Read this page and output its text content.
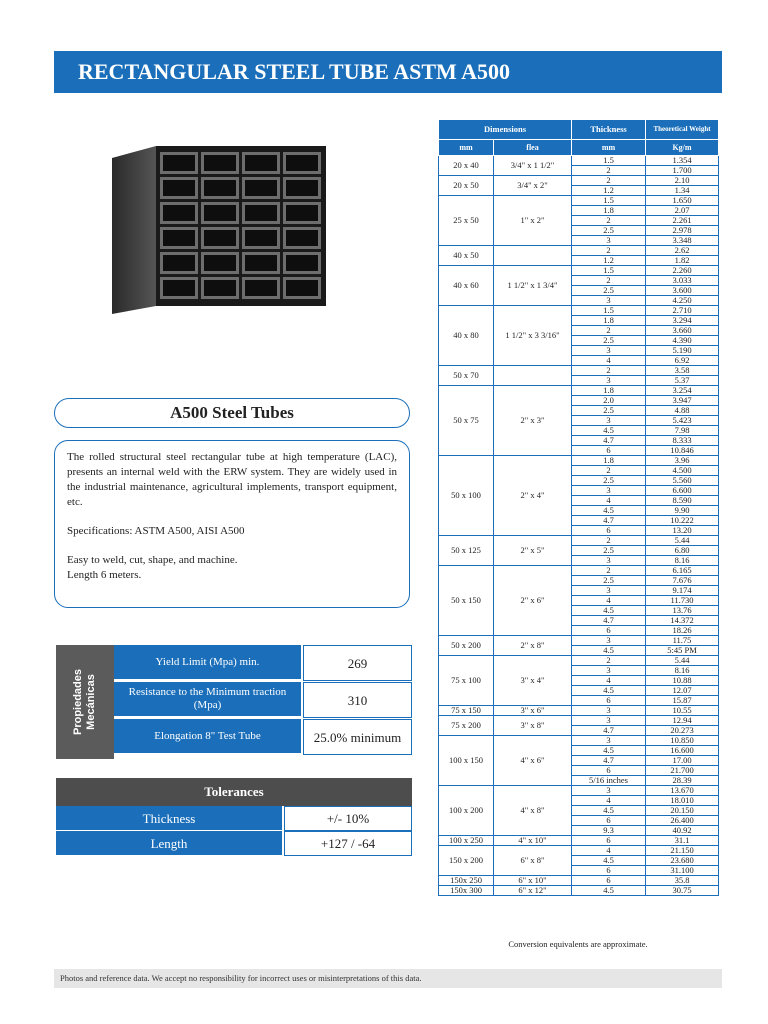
RECTANGULAR STEEL TUBE ASTM A500
A500 Steel Tubes

The rolled structural steel rectangular tube at high temperature (LAC), presents an internal weld with the ERW system. They are widely used in the industrial maintenance, agricultural implements, transport equipment, etc.

Specifications: ASTM A500, AISI A500

Easy to weld, cut, shape, and machine.

Length 6 meters.

Propiedades Mecánicas
Yield Limit (Mpa) min.	269
Resistance to the Minimum traction (Mpa)	310
Elongation 8" Test Tube	25.0% minimum
Tolerances
Thickness	+/- 10%
Length	+127 / -64
Dimensions		Thickness	Theoretical Weight
mm	flea	mm	Kg/m
20 x 40	3/4" x 1 1/2"	1.5	1.354
		2	1.700
20 x 50	3/4" x 2"	2	2.10
		1.2	1.34
25 x 50	1" x 2"	1.5	1.650
		1.8	2.07
		2	2.261
		2.5	2.978
		3	3.348
40 x 50		2	2.62
		1.2	1.82
40 x 60	1 1/2" x 1 3/4"	1.5	2.260
		2	3.033
		2.5	3.600
		3	4.250
40 x 80	1 1/2" x 3 3/16"	1.5	2.710
		1.8	3.294
		2	3.660
		2.5	4.390
		3	5.190
		4	6.92
50 x 70		2	3.58
		3	5.37
50 x 75	2" x 3"	1.8	3.254
		2.0	3.947
		2.5	4.88
		3	5.423
		4.5	7.98
		4.7	8.333
		6	10.846
50 x 100	2" x 4"	1.8	3.96
		2	4.500
		2.5	5.560
		3	6.600
		4	8.590
		4.5	9.90
		4.7	10.222
		6	13.20
50 x 125	2" x 5"	2	5.44
		2.5	6.80
		3	8.16
50 x 150	2" x 6"	2	6.165
		2.5	7.676
		3	9.174
		4	11.730
		4.5	13.76
		4.7	14.372
		6	18.26
50 x 200	2" x 8"	3	11.75
		4.5	5:45 PM
75 x 100	3" x 4"	2	5.44
		3	8.16
		4	10.88
		4.5	12.07
		6	15.87
75 x 150	3" x 6"	3	10.55
75 x 200	3" x 8"	3	12.94
		4.7	20.273
100 x 150	4" x 6"	3	10.850
		4.5	16.600
		4.7	17.00
		6	21.700
		5/16 inches	28.39
100 x 200	4" x 8"	3	13.670
		4	18.010
		4.5	20.150
		6	26.400
		9.3	40.92
100 x 250	4" x 10"	6	31.1
150 x 200	6" x 8"	4	21.150
		4.5	23.680
		6	31.100
150x 250	6" x 10"	6	35.8
150x 300	6" x 12"	4.5	30.75
Conversion equivalents are approximate.
Photos and reference data. We accept no responsibility for incorrect uses or misinterpretations of this data.
